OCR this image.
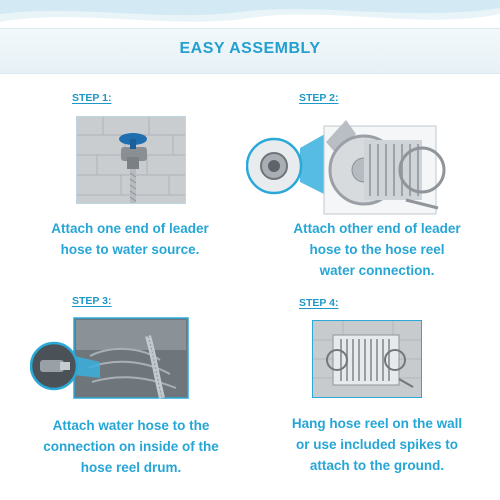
EASY ASSEMBLY
STEP 1:
Attach one end of leader
hose to water source.
STEP 2:
Attach other end of leader
hose to the hose reel
water connection.
STEP 3:
Attach water hose to the
connection on inside of the
hose reel drum.
STEP 4:
Hang hose reel on the wall
or use included spikes to
attach to the ground.
